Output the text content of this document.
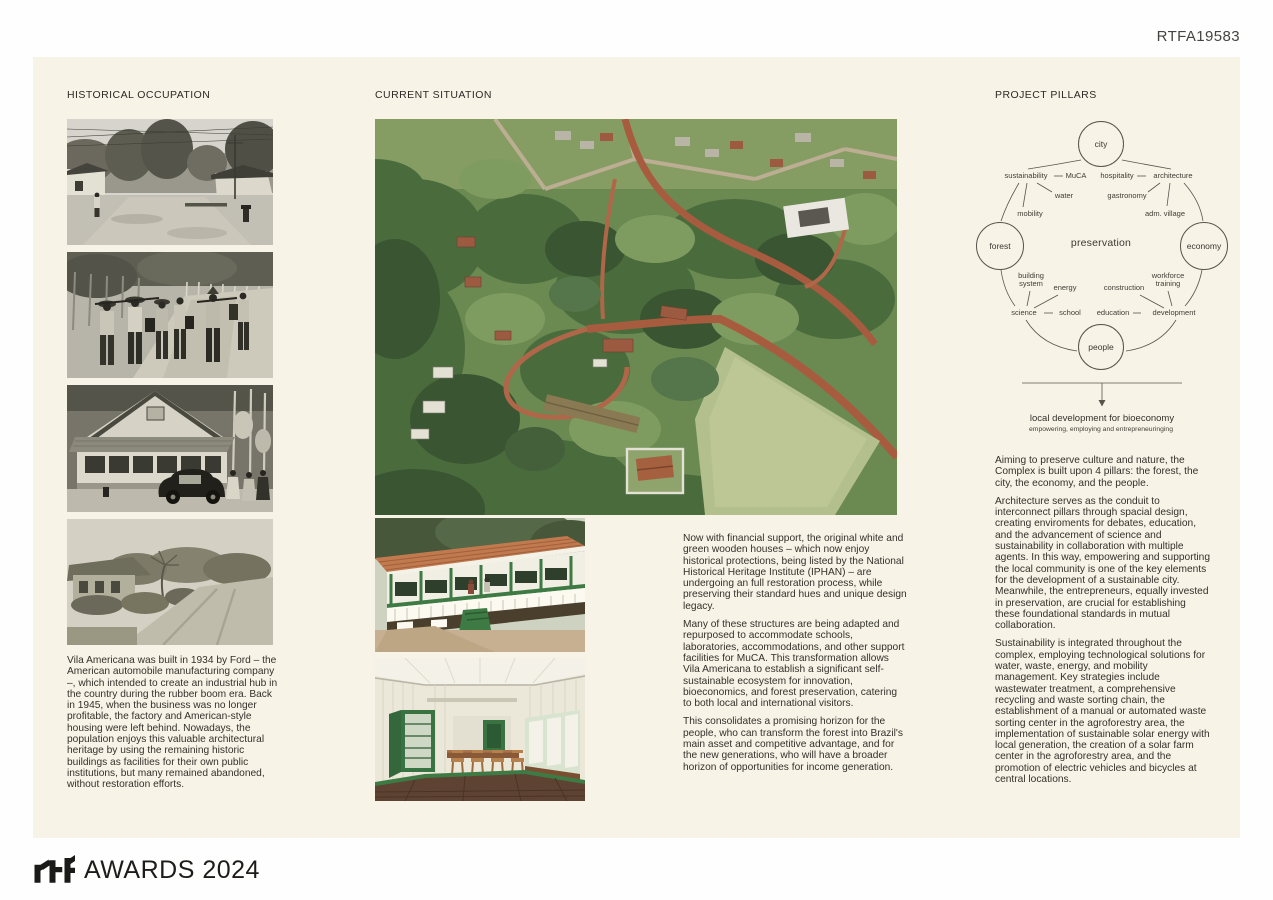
RTFA19583
HISTORICAL OCCUPATION

Vila Americana was built in 1934 by Ford – the American automobile manufacturing company –, which intended to create an industrial hub in the country during the rubber boom era. Back in 1945, when the business was no longer profitable, the factory and American-style housing were left behind. Nowadays, the population enjoys this valuable architectural heritage by using the remaining historic buildings as facilities for their own public institutions, but many remained abandoned, without restoration efforts.

CURRENT SITUATION

Now with financial support, the original white and green wooden houses – which now enjoy historical protections, being listed by the National Historical Heritage Institute (IPHAN) – are undergoing an full restoration process, while preserving their standard hues and unique design legacy.

Many of these structures are being adapted and repurposed to accommodate schools, laboratories, accommodations, and other support facilities for MuCA. This transformation allows Vila Americana to establish a significant self-sustainable ecosystem for innovation, bioeconomics, and forest preservation, catering to both local and international visitors.

This consolidates a promising horizon for the people, who can transform the forest into Brazil's main asset and competitive advantage, and for the new generations, who will have a broader horizon of opportunities for income generation.

PROJECT PILLARS
city
forest	economy
people
preservation
sustainability MuCA hospitality	architecture
water	gastronomy
mobility	adm. village
building system	energy	construction
workforce training
science	school education	development
local development for bioeconomy
empowering, employing and entrepreneuringing

Aiming to preserve culture and nature, the Complex is built upon 4 pillars: the forest, the city, the economy, and the people.

Architecture serves as the conduit to interconnect pillars through spacial design, creating enviroments for debates, education, and the advancement of science and sustainability in collaboration with multiple agents. In this way, empowering and supporting the local community is one of the key elements for the development of a sustainable city. Meanwhile, the entrepreneurs, equally invested in preservation, are crucial for establishing these foundational standards in mutual collaboration.

Sustainability is integrated throughout the complex, employing technological solutions for water, waste, energy, and mobility management. Key strategies include wastewater treatment, a comprehensive recycling and waste sorting chain, the establishment of a manual or automated waste sorting center in the agroforestry area, the implementation of sustainable solar energy with local generation, the creation of a solar farm center in the agroforestry area, and the promotion of electric vehicles and bicycles at central locations.

AWARDS 2024
